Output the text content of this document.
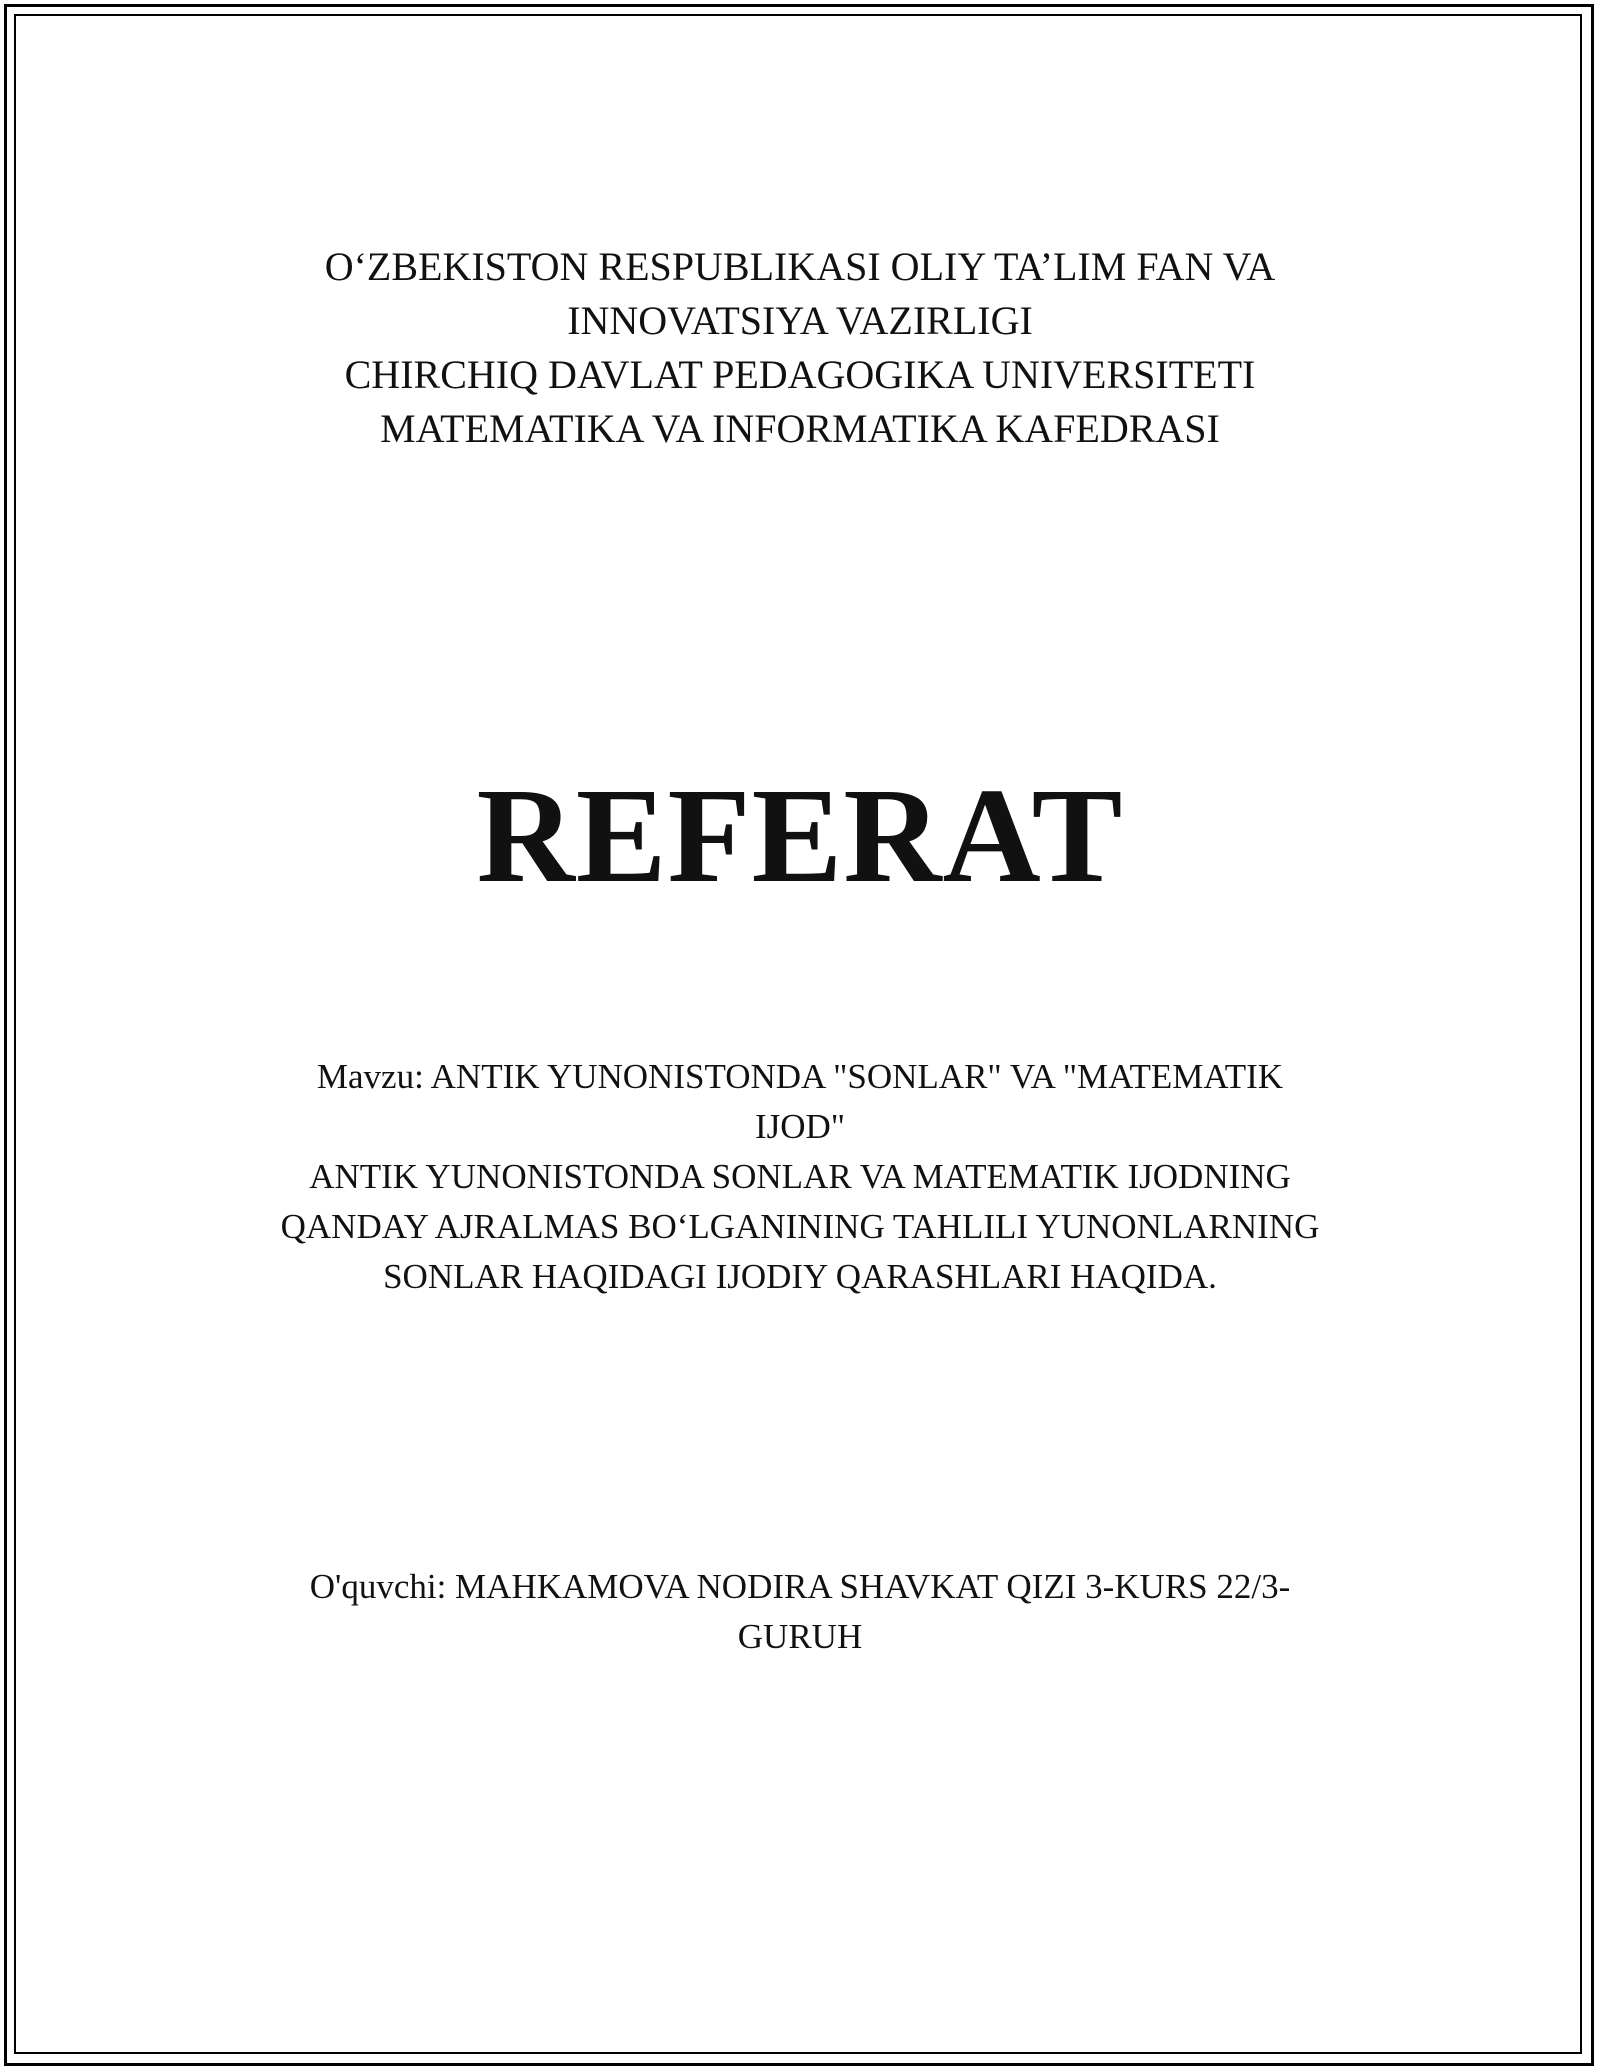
O‘ZBEKISTON RESPUBLIKASI OLIY TA’LIM FAN VA
INNOVATSIYA VAZIRLIGI
CHIRCHIQ DAVLAT PEDAGOGIKA UNIVERSITETI
MATEMATIKA VA INFORMATIKA KAFEDRASI
REFERAT
Mavzu: ANTIK YUNONISTONDA "SONLAR" VA "MATEMATIK
IJOD"
ANTIK YUNONISTONDA SONLAR VA MATEMATIK IJODNING
QANDAY AJRALMAS BO‘LGANINING TAHLILI YUNONLARNING
SONLAR HAQIDAGI IJODIY QARASHLARI HAQIDA.
O'quvchi: MAHKAMOVA NODIRA SHAVKAT QIZI 3-KURS 22/3-
GURUH
